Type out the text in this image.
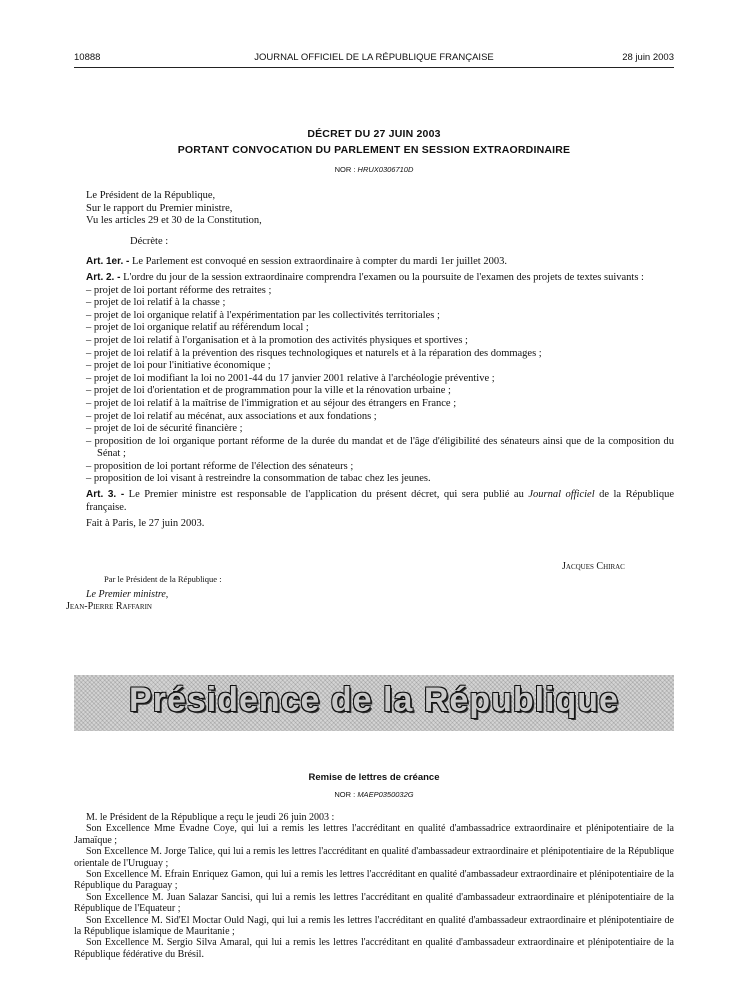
10888	JOURNAL OFFICIEL DE LA RÉPUBLIQUE FRANÇAISE	28 juin 2003
DÉCRET DU 27 JUIN 2003
PORTANT CONVOCATION DU PARLEMENT EN SESSION EXTRAORDINAIRE
NOR : HRUX0306710D

Le Président de la République,

Sur le rapport du Premier ministre,

Vu les articles 29 et 30 de la Constitution,

Décrète :

Art. 1er. - Le Parlement est convoqué en session extraordinaire à compter du mardi 1er juillet 2003.

Art. 2. - L'ordre du jour de la session extraordinaire comprendra l'examen ou la poursuite de l'examen des projets de textes suivants :

– projet de loi portant réforme des retraites ;

– projet de loi relatif à la chasse ;

– projet de loi organique relatif à l'expérimentation par les collectivités territoriales ;

– projet de loi organique relatif au référendum local ;

– projet de loi relatif à l'organisation et à la promotion des activités physiques et sportives ;

– projet de loi relatif à la prévention des risques technologiques et naturels et à la réparation des dommages ;

– projet de loi pour l'initiative économique ;

– projet de loi modifiant la loi no 2001-44 du 17 janvier 2001 relative à l'archéologie préventive ;

– projet de loi d'orientation et de programmation pour la ville et la rénovation urbaine ;

– projet de loi relatif à la maîtrise de l'immigration et au séjour des étrangers en France ;

– projet de loi relatif au mécénat, aux associations et aux fondations ;

– projet de loi de sécurité financière ;

– proposition de loi organique portant réforme de la durée du mandat et de l'âge d'éligibilité des sénateurs ainsi que de la composition du Sénat ;

– proposition de loi portant réforme de l'élection des sénateurs ;

– proposition de loi visant à restreindre la consommation de tabac chez les jeunes.

Art. 3. - Le Premier ministre est responsable de l'application du présent décret, qui sera publié au Journal officiel de la République française.

Fait à Paris, le 27 juin 2003.

Jacques Chirac
Par le Président de la République :
Le Premier ministre,
Jean-Pierre Raffarin
Présidence de la République
Remise de lettres de créance
NOR : MAEP0350032G

M. le Président de la République a reçu le jeudi 26 juin 2003 :

Son Excellence Mme Evadne Coye, qui lui a remis les lettres l'accréditant en qualité d'ambassadrice extraordinaire et plénipotentiaire de la Jamaïque ;

Son Excellence M. Jorge Talice, qui lui a remis les lettres l'accréditant en qualité d'ambassadeur extraordinaire et plénipotentiaire de la République orientale de l'Uruguay ;

Son Excellence M. Efrain Enriquez Gamon, qui lui a remis les lettres l'accréditant en qualité d'ambassadeur extraordinaire et plénipotentiaire de la République du Paraguay ;

Son Excellence M. Juan Salazar Sancisi, qui lui a remis les lettres l'accréditant en qualité d'ambassadeur extraordinaire et plénipotentiaire de la République de l'Equateur ;

Son Excellence M. Sid'El Moctar Ould Nagi, qui lui a remis les lettres l'accréditant en qualité d'ambassadeur extraordinaire et plénipotentiaire de la République islamique de Mauritanie ;

Son Excellence M. Sergio Silva Amaral, qui lui a remis les lettres l'accréditant en qualité d'ambassadeur extraordinaire et plénipotentiaire de la République fédérative du Brésil.
